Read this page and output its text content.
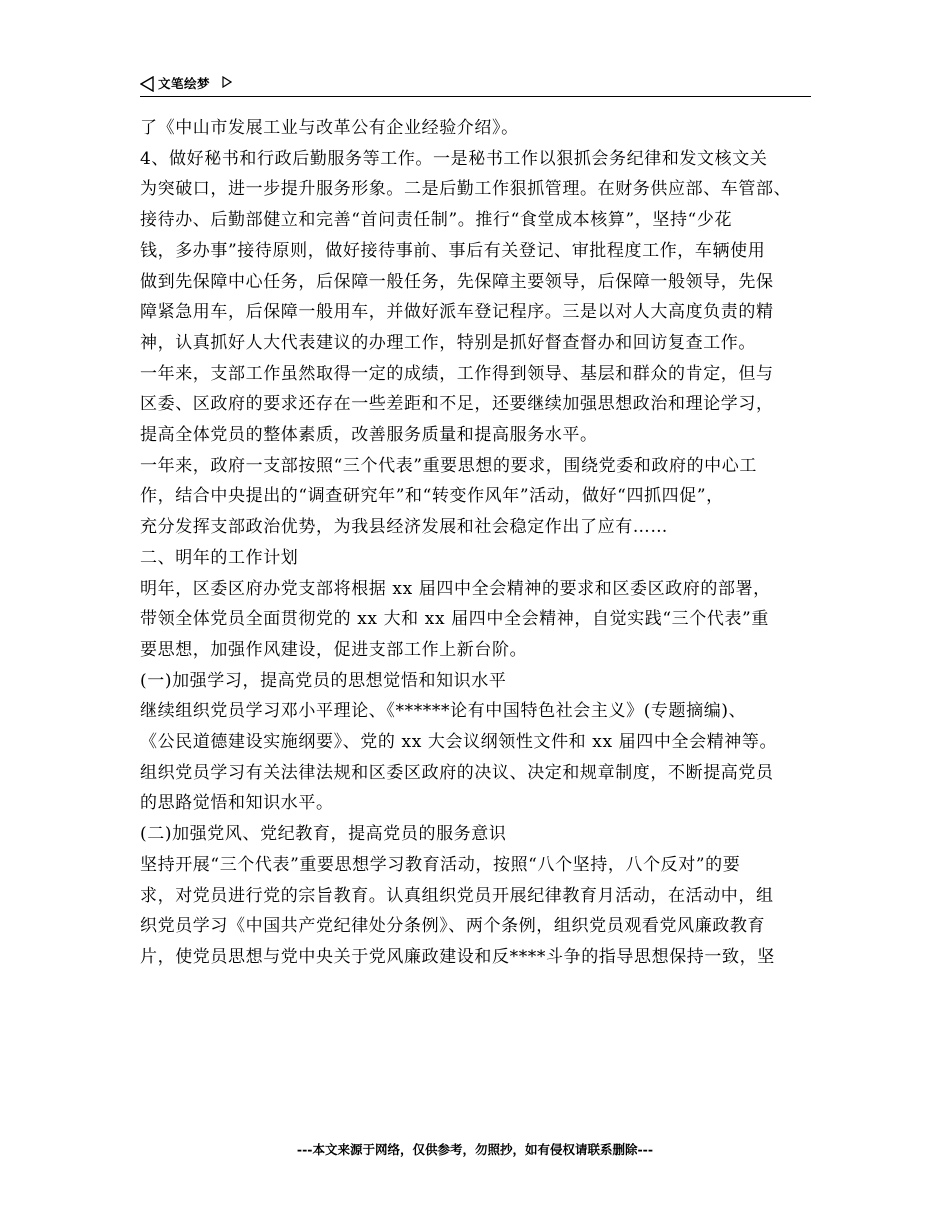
文笔绘梦

了《中山市发展工业与改革公有企业经验介绍》。

4、做好秘书和行政后勤服务等工作。一是秘书工作以狠抓会务纪律和发文核文关

为突破口，进一步提升服务形象。二是后勤工作狠抓管理。在财务供应部、车管部、

接待办、后勤部健立和完善“首问责任制”。推行“食堂成本核算”，坚持“少花

钱，多办事”接待原则，做好接待事前、事后有关登记、审批程度工作，车辆使用

做到先保障中心任务，后保障一般任务，先保障主要领导，后保障一般领导，先保

障紧急用车，后保障一般用车，并做好派车登记程序。三是以对人大高度负责的精

神，认真抓好人大代表建议的办理工作，特别是抓好督查督办和回访复查工作。

一年来，支部工作虽然取得一定的成绩，工作得到领导、基层和群众的肯定，但与

区委、区政府的要求还存在一些差距和不足，还要继续加强思想政治和理论学习，

提高全体党员的整体素质，改善服务质量和提高服务水平。

一年来，政府一支部按照“三个代表”重要思想的要求，围绕党委和政府的中心工

作，结合中央提出的“调查研究年”和“转变作风年”活动，做好“四抓四促”，

充分发挥支部政治优势，为我县经济发展和社会稳定作出了应有……

二、明年的工作计划

明年，区委区府办党支部将根据 xx 届四中全会精神的要求和区委区政府的部署，

带领全体党员全面贯彻党的 xx 大和 xx 届四中全会精神，自觉实践“三个代表”重

要思想，加强作风建设，促进支部工作上新台阶。

(一)加强学习，提高党员的思想觉悟和知识水平

继续组织党员学习邓小平理论、《******论有中国特色社会主义》(专题摘编)、

《公民道德建设实施纲要》、党的 xx 大会议纲领性文件和 xx 届四中全会精神等。

组织党员学习有关法律法规和区委区政府的决议、决定和规章制度，不断提高党员

的思路觉悟和知识水平。

(二)加强党风、党纪教育，提高党员的服务意识

坚持开展“三个代表”重要思想学习教育活动，按照“八个坚持，八个反对”的要

求，对党员进行党的宗旨教育。认真组织党员开展纪律教育月活动，在活动中，组

织党员学习《中国共产党纪律处分条例》、两个条例，组织党员观看党风廉政教育

片，使党员思想与党中央关于党风廉政建设和反****斗争的指导思想保持一致，坚

---本文来源于网络，仅供参考，勿照抄，如有侵权请联系删除---
